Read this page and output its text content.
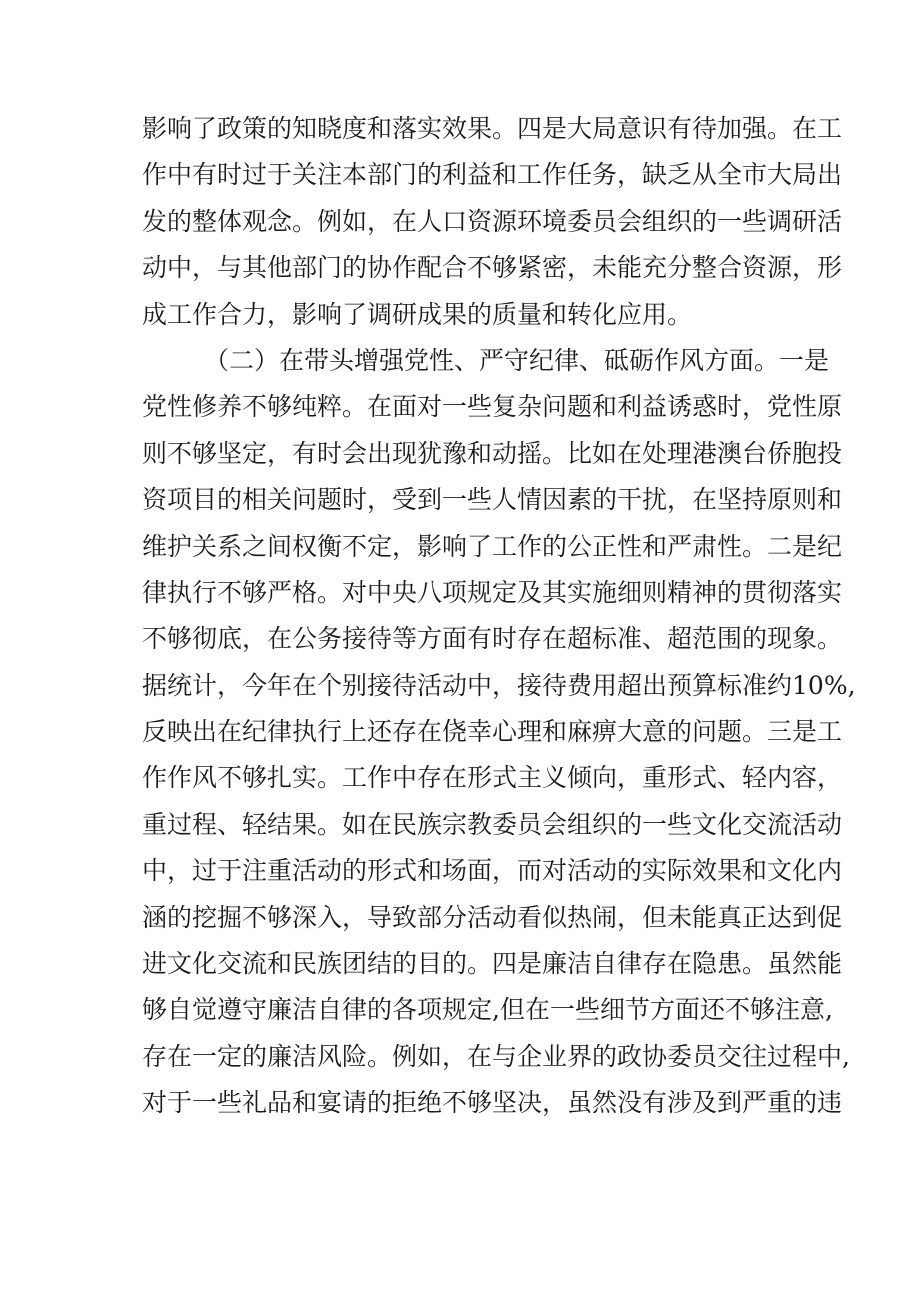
影响了政策的知晓度和落实效果。四是大局意识有待加强。在工
作中有时过于关注本部门的利益和工作任务，缺乏从全市大局出
发的整体观念。例如，在人口资源环境委员会组织的一些调研活
动中，与其他部门的协作配合不够紧密，未能充分整合资源，形
成工作合力，影响了调研成果的质量和转化应用。
（二）在带头增强党性、严守纪律、砥砺作风方面。一是
党性修养不够纯粹。在面对一些复杂问题和利益诱惑时，党性原
则不够坚定，有时会出现犹豫和动摇。比如在处理港澳台侨胞投
资项目的相关问题时，受到一些人情因素的干扰，在坚持原则和
维护关系之间权衡不定，影响了工作的公正性和严肃性。二是纪
律执行不够严格。对中央八项规定及其实施细则精神的贯彻落实
不够彻底，在公务接待等方面有时存在超标准、超范围的现象。
据统计，今年在个别接待活动中，接待费用超出预算标准约10%,
反映出在纪律执行上还存在侥幸心理和麻痹大意的问题。三是工
作作风不够扎实。工作中存在形式主义倾向，重形式、轻内容，
重过程、轻结果。如在民族宗教委员会组织的一些文化交流活动
中，过于注重活动的形式和场面，而对活动的实际效果和文化内
涵的挖掘不够深入，导致部分活动看似热闹，但未能真正达到促
进文化交流和民族团结的目的。四是廉洁自律存在隐患。虽然能
够自觉遵守廉洁自律的各项规定,但在一些细节方面还不够注意,
存在一定的廉洁风险。例如，在与企业界的政协委员交往过程中,
对于一些礼品和宴请的拒绝不够坚决，虽然没有涉及到严重的违
